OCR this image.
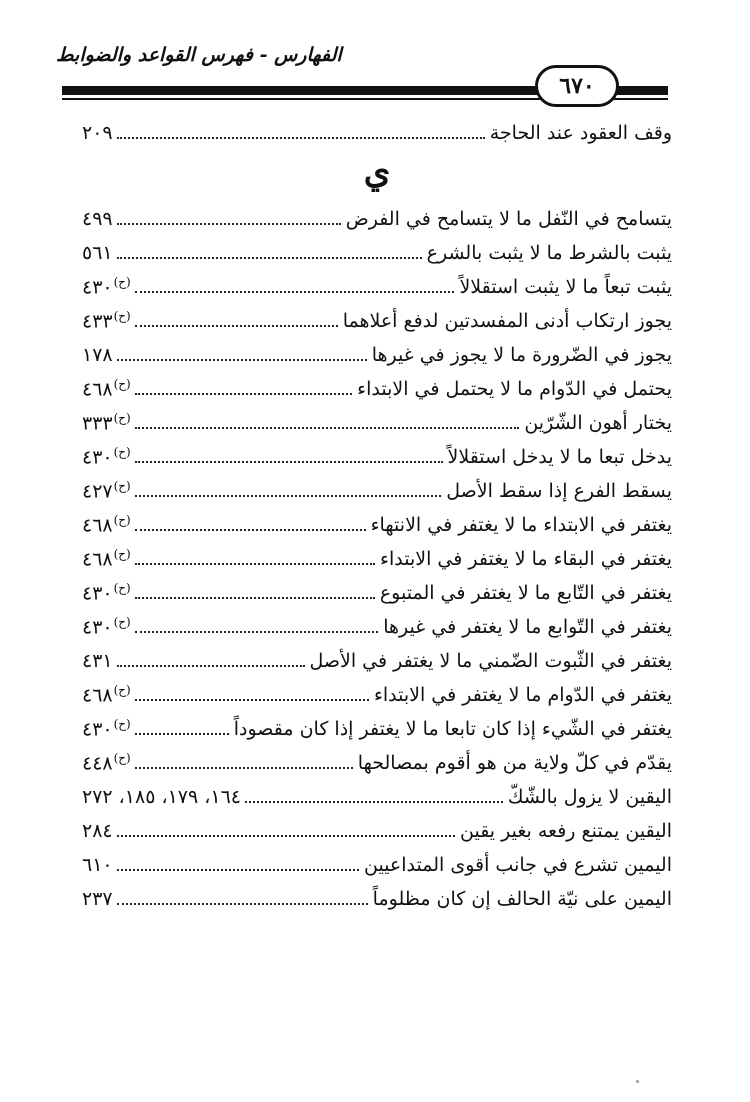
الفهارس - فهرس القواعد والضوابط
٦٧٠
وقف العقود عند الحاجة
٢٠٩
ي
يتسامح في النّفل ما لا يتسامح في الفرض
٤٩٩
يثبت بالشرط ما لا يثبت بالشرع
٥٦١
يثبت تبعاً ما لا يثبت استقلالاً
$^{(ح)}$٤٣٠
يجوز ارتكاب أدنى المفسدتين لدفع أعلاهما
$^{(ح)}$٤٣٣
يجوز في الضّرورة ما لا يجوز في غيرها
١٧٨
يحتمل في الدّوام ما لا يحتمل في الابتداء
$^{(ح)}$٤٦٨
يختار أهون الشّرّين
$^{(ح)}$٣٣٣
يدخل تبعا ما لا يدخل استقلالاً
$^{(ح)}$٤٣٠
يسقط الفرع إذا سقط الأصل
$^{(ح)}$٤٢٧
يغتفر في الابتداء ما لا يغتفر في الانتهاء
$^{(ح)}$٤٦٨
يغتفر في البقاء ما لا يغتفر في الابتداء
$^{(ح)}$٤٦٨
يغتفر في التّابع ما لا يغتفر في المتبوع
$^{(ح)}$٤٣٠
يغتفر في التّوابع ما لا يغتفر في غيرها
$^{(ح)}$٤٣٠
يغتفر في الثّبوت الضّمني ما لا يغتفر في الأصل
٤٣١
يغتفر في الدّوام ما لا يغتفر في الابتداء
$^{(ح)}$٤٦٨
يغتفر في الشّيء إذا كان تابعا ما لا يغتفر إذا كان مقصوداً
$^{(ح)}$٤٣٠
يقدّم في كلّ ولاية من هو أقوم بمصالحها
$^{(ح)}$٤٤٨
اليقين لا يزول بالشّكّ
١٦٤، ١٧٩، ١٨٥، ٢٧٢
اليقين يمتنع رفعه بغير يقين
٢٨٤
اليمين تشرع في جانب أقوى المتداعيين
٦١٠
اليمين على نيّة الحالف إن كان مظلوماً
٢٣٧
